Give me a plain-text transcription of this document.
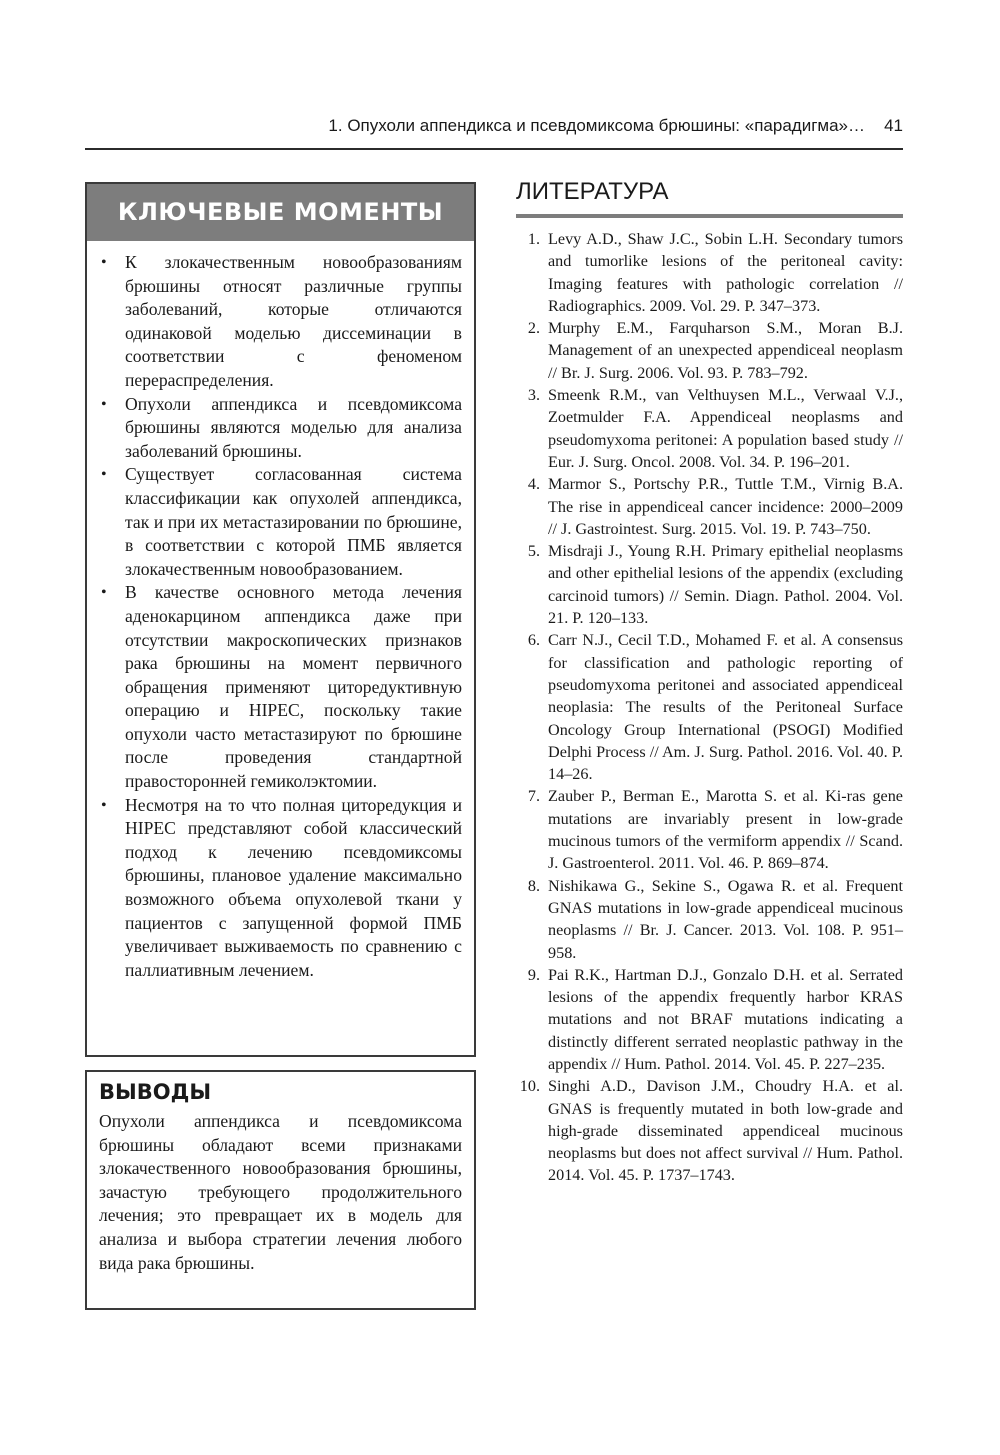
1. Опухоли аппендикса и псевдомиксома брюшины: «парадигма»… 41
КЛЮЧЕВЫЕ МОМЕНТЫ
• К злокачественным новообразованиям брюшины относят различные группы заболеваний, которые отличаются одинаковой моделью диссеминации в соответствии с феноменом перераспределения.
• Опухоли аппендикса и псевдомиксома брюшины являются моделью для анализа заболеваний брюшины.
• Существует согласованная система классификации как опухолей аппендикса, так и при их метастазировании по брюшине, в соответствии с которой ПМБ является злокачественным новообразованием.
• В качестве основного метода лечения аденокарцином аппендикса даже при отсутствии макроскопических признаков рака брюшины на момент первичного обращения применяют циторедуктивную операцию и HIPEC, поскольку такие опухоли часто метастазируют по брюшине после проведения стандартной правосторонней гемиколэктомии.
• Несмотря на то что полная циторедукция и HIPEC представляют собой классический подход к лечению псевдомиксомы брюшины, плановое удаление максимально возможного объема опухолевой ткани у пациентов с запущенной формой ПМБ увеличивает выживаемость по сравнению с паллиативным лечением.
ВЫВОДЫ
Опухоли аппендикса и псевдомиксома брюшины обладают всеми признаками злокачественного новообразования брюшины, зачастую требующего продолжительного лечения; это превращает их в модель для анализа и выбора стратегии лечения любого вида рака брюшины.
ЛИТЕРАТУРА
1. Levy A.D., Shaw J.C., Sobin L.H. Secondary tumors and tumorlike lesions of the peritoneal cavity: Imaging features with pathologic correlation // Radiographics. 2009. Vol. 29. P. 347–373.
2. Murphy E.M., Farquharson S.M., Moran B.J. Management of an unexpected appendiceal neoplasm // Br. J. Surg. 2006. Vol. 93. P. 783–792.
3. Smeenk R.M., van Velthuysen M.L., Verwaal V.J., Zoetmulder F.A. Appendiceal neoplasms and pseudomyxoma peritonei: A population based study // Eur. J. Surg. Oncol. 2008. Vol. 34. P. 196–201.
4. Marmor S., Portschy P.R., Tuttle T.M., Virnig B.A. The rise in appendiceal cancer incidence: 2000–2009 // J. Gastrointest. Surg. 2015. Vol. 19. P. 743–750.
5. Misdraji J., Young R.H. Primary epithelial neoplasms and other epithelial lesions of the appendix (excluding carcinoid tumors) // Semin. Diagn. Pathol. 2004. Vol. 21. P. 120–133.
6. Carr N.J., Cecil T.D., Mohamed F. et al. A consensus for classification and pathologic reporting of pseudomyxoma peritonei and associated appendiceal neoplasia: The results of the Peritoneal Surface Oncology Group International (PSOGI) Modified Delphi Process // Am. J. Surg. Pathol. 2016. Vol. 40. P. 14–26.
7. Zauber P., Berman E., Marotta S. et al. Ki-ras gene mutations are invariably present in low-grade mucinous tumors of the vermiform appendix // Scand. J. Gastroenterol. 2011. Vol. 46. P. 869–874.
8. Nishikawa G., Sekine S., Ogawa R. et al. Frequent GNAS mutations in low-grade appendiceal mucinous neoplasms // Br. J. Cancer. 2013. Vol. 108. P. 951–958.
9. Pai R.K., Hartman D.J., Gonzalo D.H. et al. Serrated lesions of the appendix frequently harbor KRAS mutations and not BRAF mutations indicating a distinctly different serrated neoplastic pathway in the appendix // Hum. Pathol. 2014. Vol. 45. P. 227–235.
10. Singhi A.D., Davison J.M., Choudry H.A. et al. GNAS is frequently mutated in both low-grade and high-grade disseminated appendiceal mucinous neoplasms but does not affect survival // Hum. Pathol. 2014. Vol. 45. P. 1737–1743.
